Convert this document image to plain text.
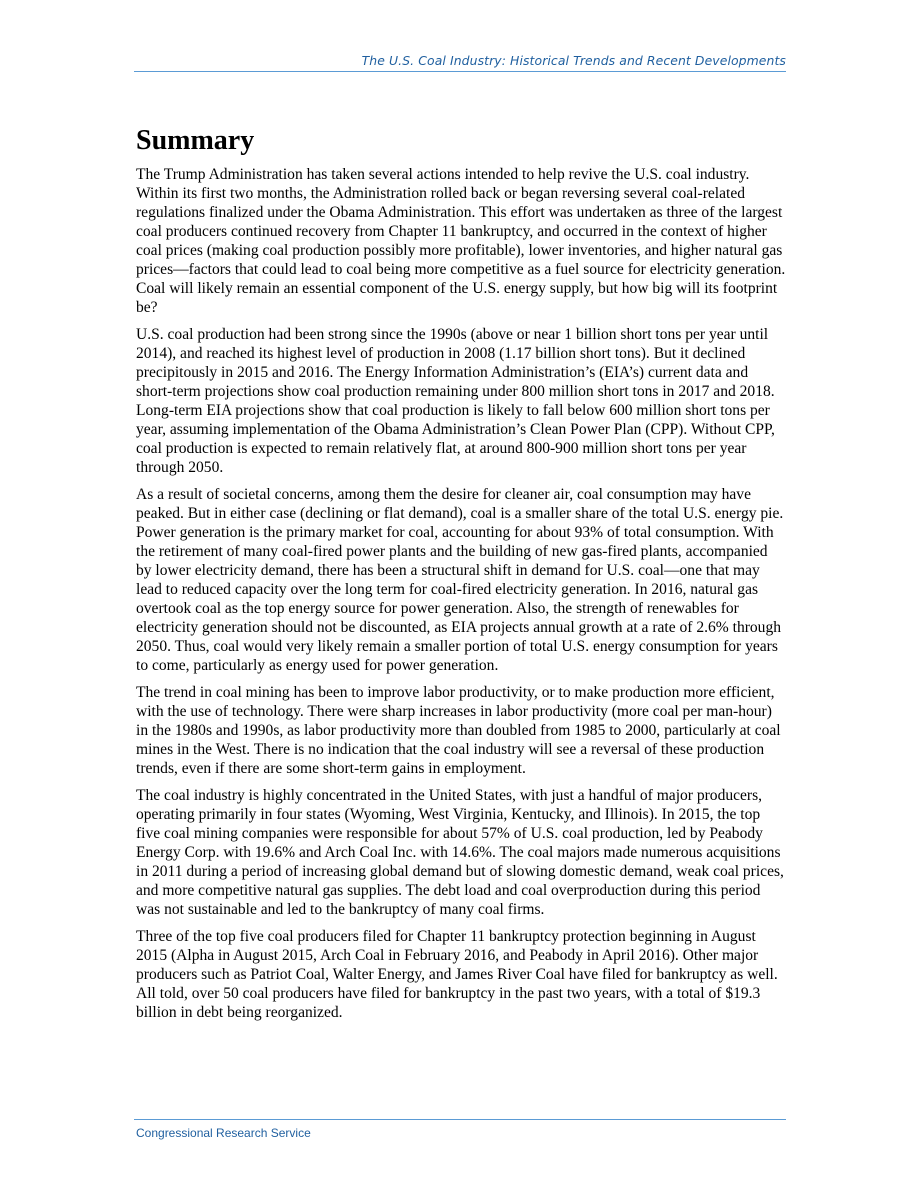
The U.S. Coal Industry: Historical Trends and Recent Developments
Summary

The Trump Administration has taken several actions intended to help revive the U.S. coal industry. Within its first two months, the Administration rolled back or began reversing several coal-related regulations finalized under the Obama Administration. This effort was undertaken as three of the largest coal producers continued recovery from Chapter 11 bankruptcy, and occurred in the context of higher coal prices (making coal production possibly more profitable), lower inventories, and higher natural gas prices—factors that could lead to coal being more competitive as a fuel source for electricity generation. Coal will likely remain an essential component of the U.S. energy supply, but how big will its footprint be?

U.S. coal production had been strong since the 1990s (above or near 1 billion short tons per year until 2014), and reached its highest level of production in 2008 (1.17 billion short tons). But it declined precipitously in 2015 and 2016. The Energy Information Administration’s (EIA’s) current data and short-term projections show coal production remaining under 800 million short tons in 2017 and 2018. Long-term EIA projections show that coal production is likely to fall below 600 million short tons per year, assuming implementation of the Obama Administration’s Clean Power Plan (CPP). Without CPP, coal production is expected to remain relatively flat, at around 800-900 million short tons per year through 2050.

As a result of societal concerns, among them the desire for cleaner air, coal consumption may have peaked. But in either case (declining or flat demand), coal is a smaller share of the total U.S. energy pie. Power generation is the primary market for coal, accounting for about 93% of total consumption. With the retirement of many coal-fired power plants and the building of new gas-fired plants, accompanied by lower electricity demand, there has been a structural shift in demand for U.S. coal—one that may lead to reduced capacity over the long term for coal-fired electricity generation. In 2016, natural gas overtook coal as the top energy source for power generation. Also, the strength of renewables for electricity generation should not be discounted, as EIA projects annual growth at a rate of 2.6% through 2050. Thus, coal would very likely remain a smaller portion of total U.S. energy consumption for years to come, particularly as energy used for power generation.

The trend in coal mining has been to improve labor productivity, or to make production more efficient, with the use of technology. There were sharp increases in labor productivity (more coal per man-hour) in the 1980s and 1990s, as labor productivity more than doubled from 1985 to 2000, particularly at coal mines in the West. There is no indication that the coal industry will see a reversal of these production trends, even if there are some short-term gains in employment.

The coal industry is highly concentrated in the United States, with just a handful of major producers, operating primarily in four states (Wyoming, West Virginia, Kentucky, and Illinois). In 2015, the top five coal mining companies were responsible for about 57% of U.S. coal production, led by Peabody Energy Corp. with 19.6% and Arch Coal Inc. with 14.6%. The coal majors made numerous acquisitions in 2011 during a period of increasing global demand but of slowing domestic demand, weak coal prices, and more competitive natural gas supplies. The debt load and coal overproduction during this period was not sustainable and led to the bankruptcy of many coal firms.

Three of the top five coal producers filed for Chapter 11 bankruptcy protection beginning in August 2015 (Alpha in August 2015, Arch Coal in February 2016, and Peabody in April 2016). Other major producers such as Patriot Coal, Walter Energy, and James River Coal have filed for bankruptcy as well. All told, over 50 coal producers have filed for bankruptcy in the past two years, with a total of $19.3 billion in debt being reorganized.

Congressional Research Service
